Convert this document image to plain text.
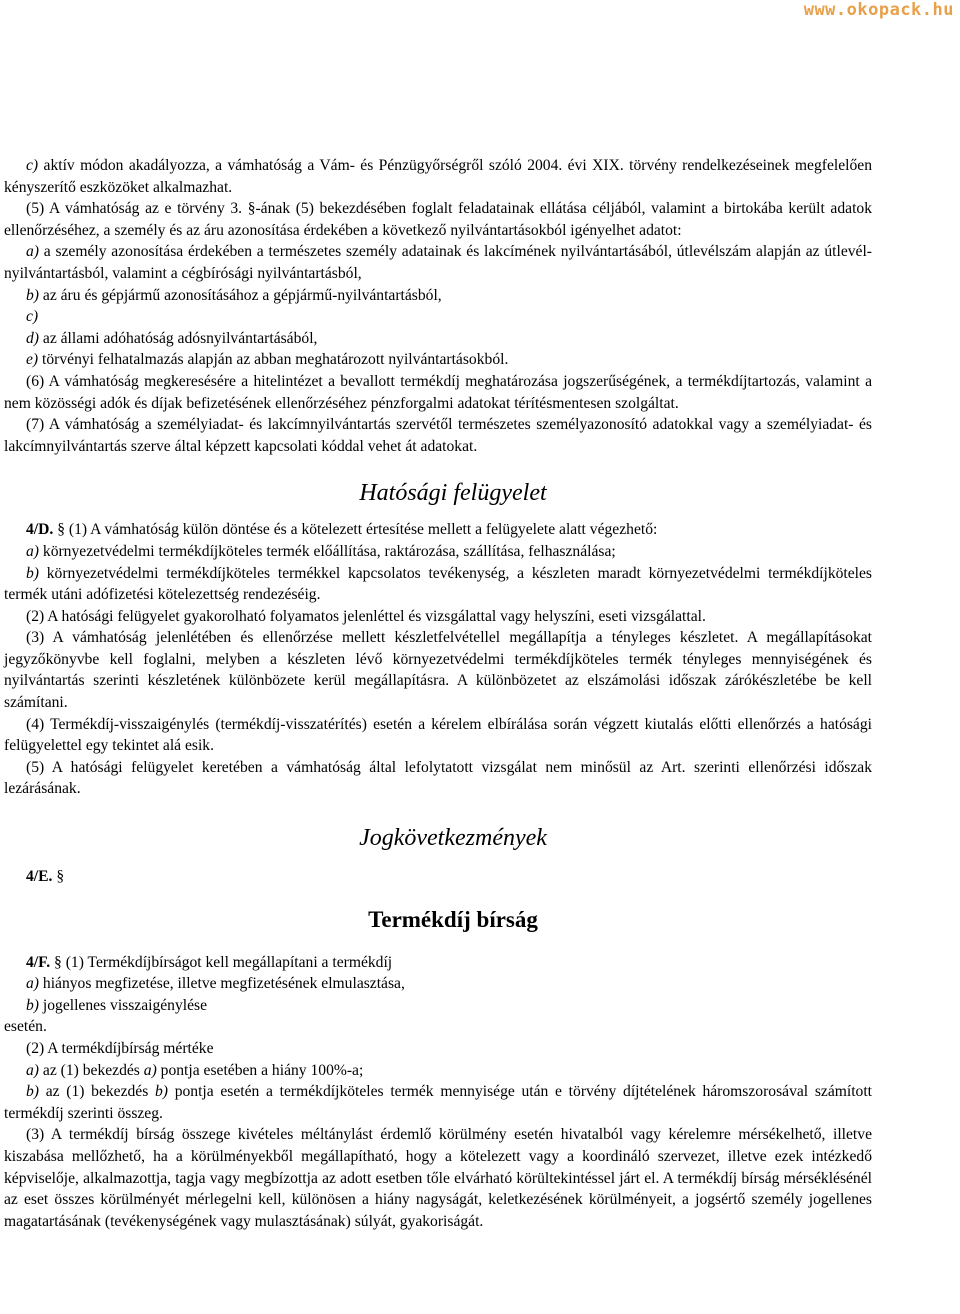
www.okopack.hu

c) aktív módon akadályozza, a vámhatóság a Vám- és Pénzügyőrségről szóló 2004. évi XIX. törvény rendelkezéseinek megfelelően kényszerítő eszközöket alkalmazhat.

(5) A vámhatóság az e törvény 3. §-ának (5) bekezdésében foglalt feladatainak ellátása céljából, valamint a birtokába került adatok ellenőrzéséhez, a személy és az áru azonosítása érdekében a következő nyilvántartásokból igényelhet adatot:

a) a személy azonosítása érdekében a természetes személy adatainak és lakcímének nyilvántartásából, útlevélszám alapján az útlevél-nyilvántartásból, valamint a cégbírósági nyilvántartásból,

b) az áru és gépjármű azonosításához a gépjármű-nyilvántartásból,

c)

d) az állami adóhatóság adósnyilvántartásából,

e) törvényi felhatalmazás alapján az abban meghatározott nyilvántartásokból.

(6) A vámhatóság megkeresésére a hitelintézet a bevallott termékdíj meghatározása jogszerűségének, a termékdíjtartozás, valamint a nem közösségi adók és díjak befizetésének ellenőrzéséhez pénzforgalmi adatokat térítésmentesen szolgáltat.

(7) A vámhatóság a személyiadat- és lakcímnyilvántartás szervétől természetes személyazonosító adatokkal vagy a személyiadat- és lakcímnyilvántartás szerve által képzett kapcsolati kóddal vehet át adatokat.

Hatósági felügyelet

4/D. § (1) A vámhatóság külön döntése és a kötelezett értesítése mellett a felügyelete alatt végezhető:

a) környezetvédelmi termékdíjköteles termék előállítása, raktározása, szállítása, felhasználása;

b) környezetvédelmi termékdíjköteles termékkel kapcsolatos tevékenység, a készleten maradt környezetvédelmi termékdíjköteles termék utáni adófizetési kötelezettség rendezéséig.

(2) A hatósági felügyelet gyakorolható folyamatos jelenléttel és vizsgálattal vagy helyszíni, eseti vizsgálattal.

(3) A vámhatóság jelenlétében és ellenőrzése mellett készletfelvétellel megállapítja a tényleges készletet. A megállapításokat jegyzőkönyvbe kell foglalni, melyben a készleten lévő környezetvédelmi termékdíjköteles termék tényleges mennyiségének és nyilvántartás szerinti készletének különbözete kerül megállapításra. A különbözetet az elszámolási időszak zárókészletébe be kell számítani.

(4) Termékdíj-visszaigénylés (termékdíj-visszatérítés) esetén a kérelem elbírálása során végzett kiutalás előtti ellenőrzés a hatósági felügyelettel egy tekintet alá esik.

(5) A hatósági felügyelet keretében a vámhatóság által lefolytatott vizsgálat nem minősül az Art. szerinti ellenőrzési időszak lezárásának.

Jogkövetkezmények

4/E. §

Termékdíj bírság

4/F. § (1) Termékdíjbírságot kell megállapítani a termékdíj

a) hiányos megfizetése, illetve megfizetésének elmulasztása,

b) jogellenes visszaigénylése

esetén.

(2) A termékdíjbírság mértéke

a) az (1) bekezdés a) pontja esetében a hiány 100%-a;

b) az (1) bekezdés b) pontja esetén a termékdíjköteles termék mennyisége után e törvény díjtételének háromszorosával számított termékdíj szerinti összeg.

(3) A termékdíj bírság összege kivételes méltánylást érdemlő körülmény esetén hivatalból vagy kérelemre mérsékelhető, illetve kiszabása mellőzhető, ha a körülményekből megállapítható, hogy a kötelezett vagy a koordináló szervezet, illetve ezek intézkedő képviselője, alkalmazottja, tagja vagy megbízottja az adott esetben tőle elvárható körültekintéssel járt el. A termékdíj bírság mérséklésénél az eset összes körülményét mérlegelni kell, különösen a hiány nagyságát, keletkezésének körülményeit, a jogsértő személy jogellenes magatartásának (tevékenységének vagy mulasztásának) súlyát, gyakoriságát.
